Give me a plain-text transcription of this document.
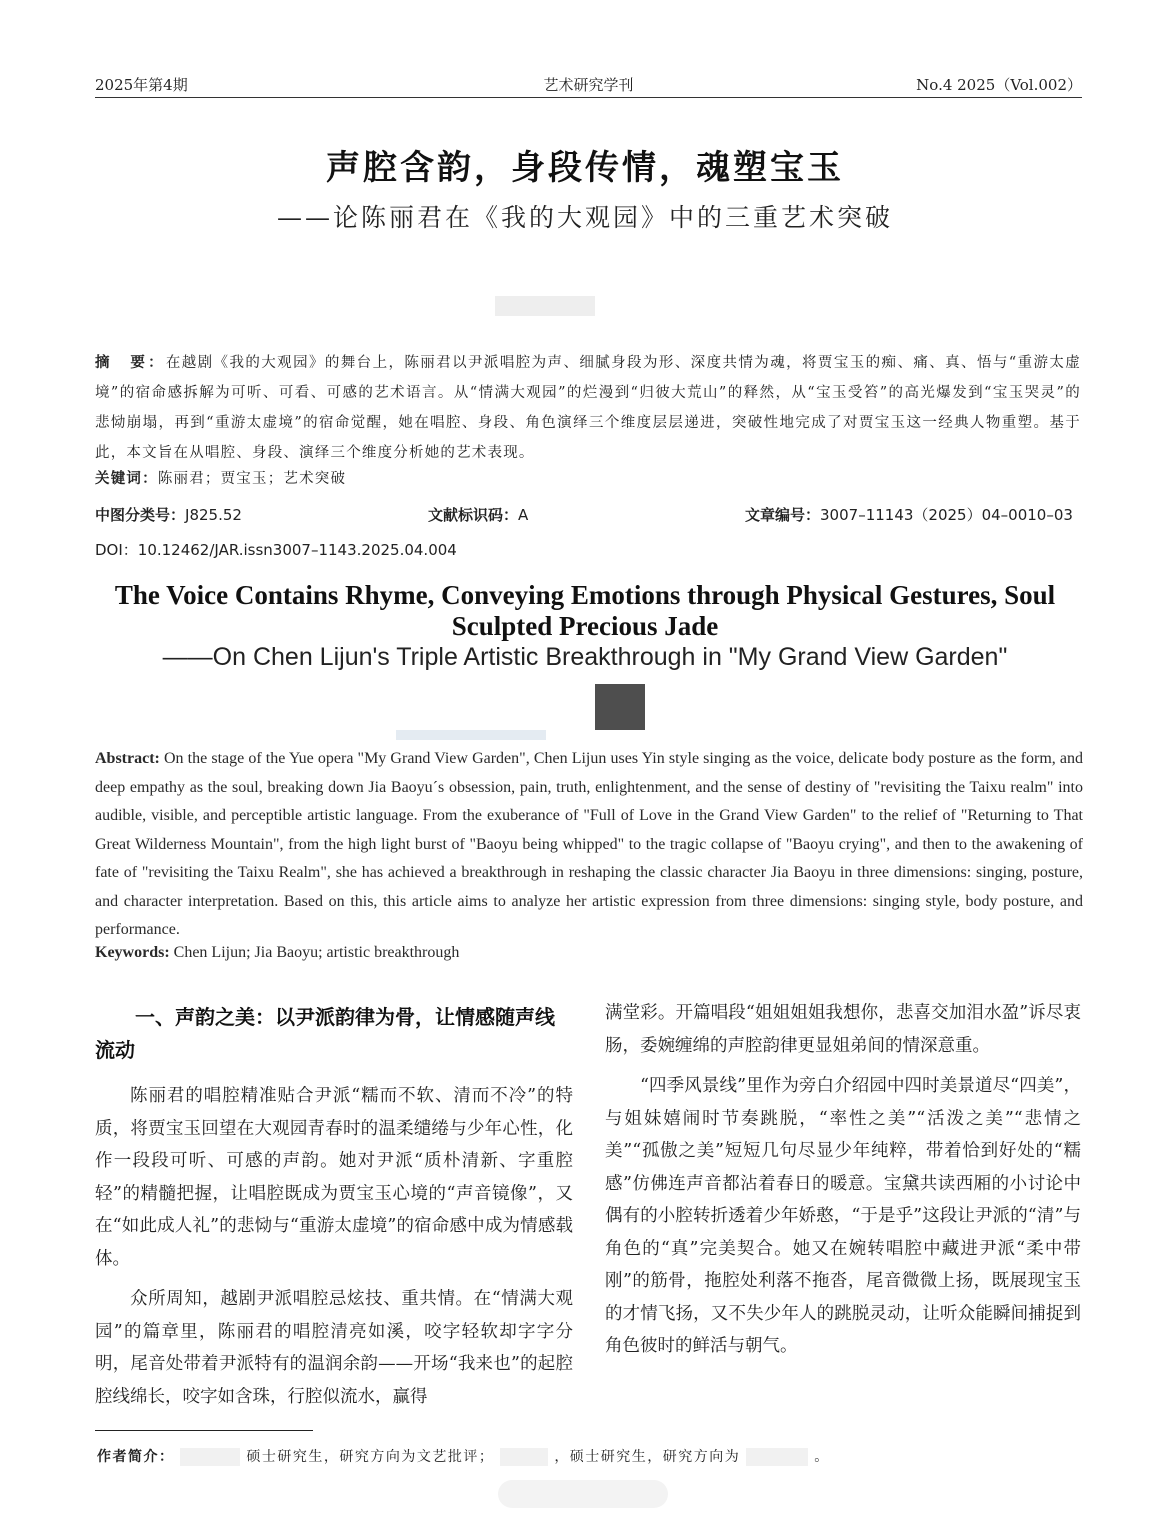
2025年第4期	艺术研究学刊	No.4 2025（Vol.002）
声腔含韵，身段传情，魂塑宝玉
——论陈丽君在《我的大观园》中的三重艺术突破
摘　要：在越剧《我的大观园》的舞台上，陈丽君以尹派唱腔为声、细腻身段为形、深度共情为魂，将贾宝玉的痴、痛、真、悟与“重游太虚境”的宿命感拆解为可听、可看、可感的艺术语言。从“情满大观园”的烂漫到“归彼大荒山”的释然，从“宝玉受笞”的高光爆发到“宝玉哭灵”的悲恸崩塌，再到“重游太虚境”的宿命觉醒，她在唱腔、身段、角色演绎三个维度层层递进，突破性地完成了对贾宝玉这一经典人物重塑。基于此，本文旨在从唱腔、身段、演绎三个维度分析她的艺术表现。
关键词：陈丽君；贾宝玉；艺术突破
中图分类号：J825.52	文献标识码：A	文章编号：3007–11143（2025）04–0010–03
DOI：10.12462/JAR.issn3007–1143.2025.04.004
The Voice Contains Rhyme, Conveying Emotions through Physical Gestures, Soul Sculpted Precious Jade
——On Chen Lijun's Triple Artistic Breakthrough in "My Grand View Garden"
Abstract: On the stage of the Yue opera "My Grand View Garden", Chen Lijun uses Yin style singing as the voice, delicate body posture as the form, and deep empathy as the soul, breaking down Jia Baoyu´s obsession, pain, truth, enlightenment, and the sense of destiny of "revisiting the Taixu realm" into audible, visible, and perceptible artistic language. From the exuberance of "Full of Love in the Grand View Garden" to the relief of "Returning to That Great Wilderness Mountain", from the high light burst of "Baoyu being whipped" to the tragic collapse of "Baoyu crying", and then to the awakening of fate of "revisiting the Taixu Realm", she has achieved a breakthrough in reshaping the classic character Jia Baoyu in three dimensions: singing, posture, and character interpretation. Based on this, this article aims to analyze her artistic expression from three dimensions: singing style, body posture, and performance.
Keywords: Chen Lijun; Jia Baoyu; artistic breakthrough
一、声韵之美：以尹派韵律为骨，让情感随声线流动

陈丽君的唱腔精准贴合尹派“糯而不软、清而不冷”的特质，将贾宝玉回望在大观园青春时的温柔缱绻与少年心性，化作一段段可听、可感的声韵。她对尹派“质朴清新、字重腔轻”的精髓把握，让唱腔既成为贾宝玉心境的“声音镜像”，又在“如此成人礼”的悲恸与“重游太虚境”的宿命感中成为情感载体。

众所周知，越剧尹派唱腔忌炫技、重共情。在“情满大观园”的篇章里，陈丽君的唱腔清亮如溪，咬字轻软却字字分明，尾音处带着尹派特有的温润余韵——开场“我来也”的起腔腔线绵长，咬字如含珠，行腔似流水，赢得

满堂彩。开篇唱段“姐姐姐姐我想你，悲喜交加泪水盈”诉尽衷肠，委婉缠绵的声腔韵律更显姐弟间的情深意重。

“四季风景线”里作为旁白介绍园中四时美景道尽“四美”，与姐妹嬉闹时节奏跳脱，“率性之美”“活泼之美”“悲情之美”“孤傲之美”短短几句尽显少年纯粹，带着恰到好处的“糯感”仿佛连声音都沾着春日的暖意。宝黛共读西厢的小讨论中偶有的小腔转折透着少年娇憨，“于是乎”这段让尹派的“清”与角色的“真”完美契合。她又在婉转唱腔中藏进尹派“柔中带刚”的筋骨，拖腔处利落不拖沓，尾音微微上扬，既展现宝玉的才情飞扬，又不失少年人的跳脱灵动，让听众能瞬间捕捉到角色彼时的鲜活与朝气。

作者简介：	硕士研究生，研究方向为文艺批评；	，硕士研究生，研究方向为	。
